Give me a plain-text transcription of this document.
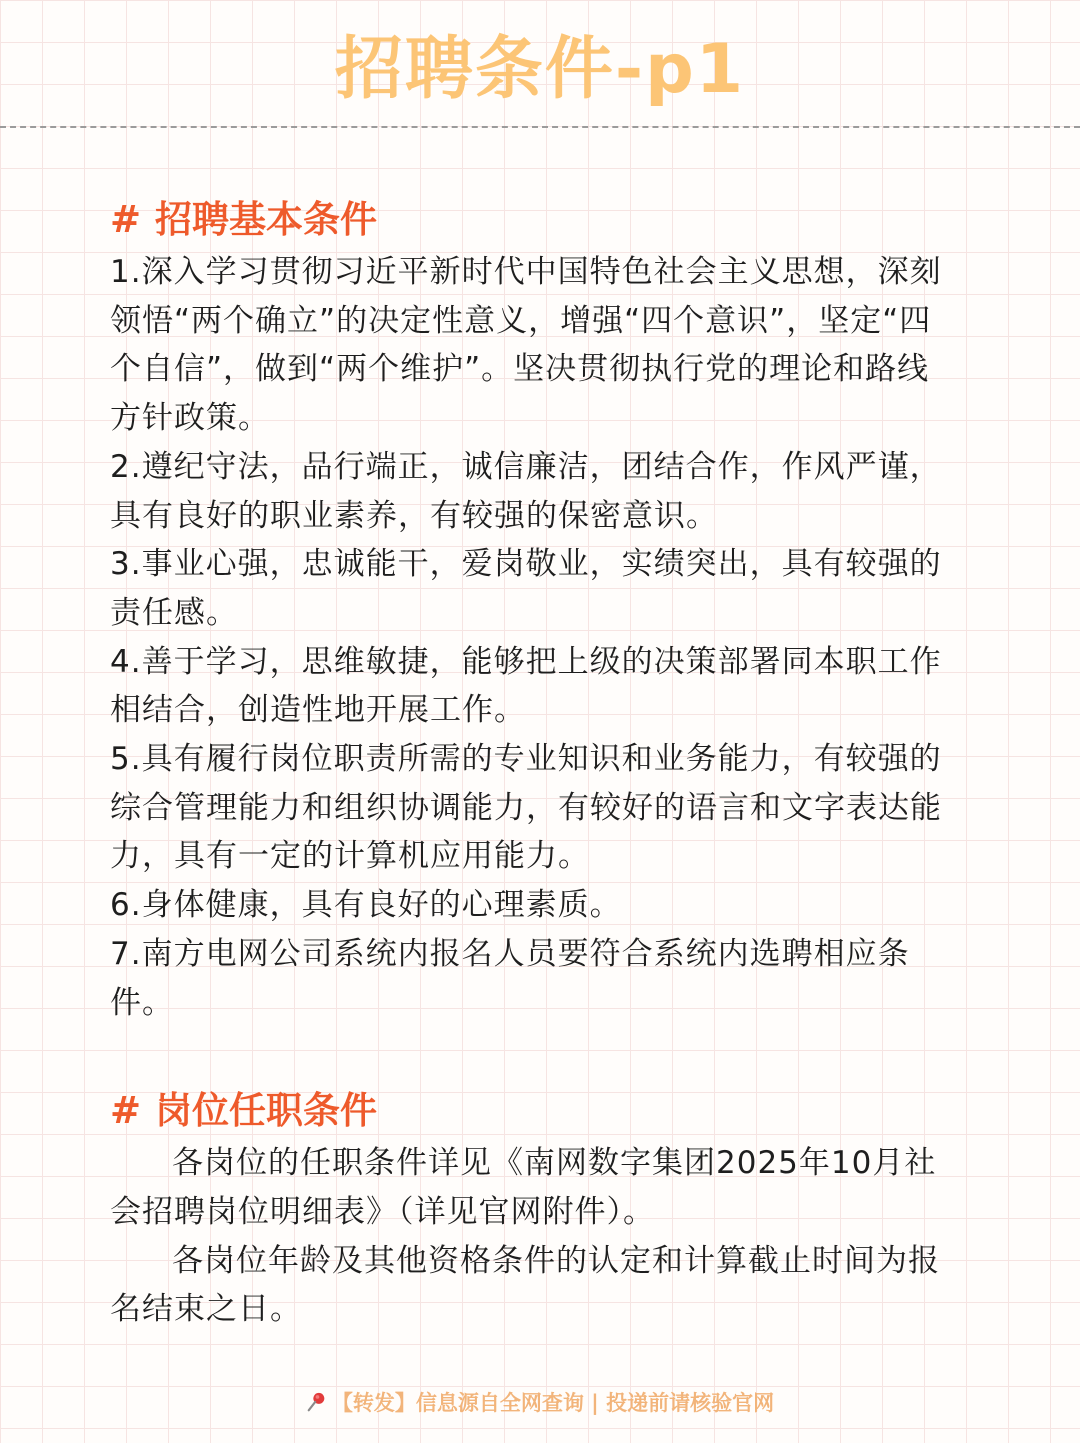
招聘条件-p1
# 招聘基本条件
1.深入学习贯彻习近平新时代中国特色社会主义思想，深刻领悟“两个确立”的决定性意义，增强“四个意识”，坚定“四个自信”，做到“两个维护”。坚决贯彻执行党的理论和路线方针政策。
2.遵纪守法，品行端正，诚信廉洁，团结合作，作风严谨，具有良好的职业素养，有较强的保密意识。
3.事业心强，忠诚能干，爱岗敬业，实绩突出，具有较强的责任感。
4.善于学习，思维敏捷，能够把上级的决策部署同本职工作相结合，创造性地开展工作。
5.具有履行岗位职责所需的专业知识和业务能力，有较强的综合管理能力和组织协调能力，有较好的语言和文字表达能力，具有一定的计算机应用能力。
6.身体健康，具有良好的心理素质。
7.南方电网公司系统内报名人员要符合系统内选聘相应条件。
# 岗位任职条件

各岗位的任职条件详见《南网数字集团2025年10月社会招聘岗位明细表》（详见官网附件）。

各岗位年龄及其他资格条件的认定和计算截止时间为报名结束之日。

【转发】信息源自全网查询 | 投递前请核验官网
